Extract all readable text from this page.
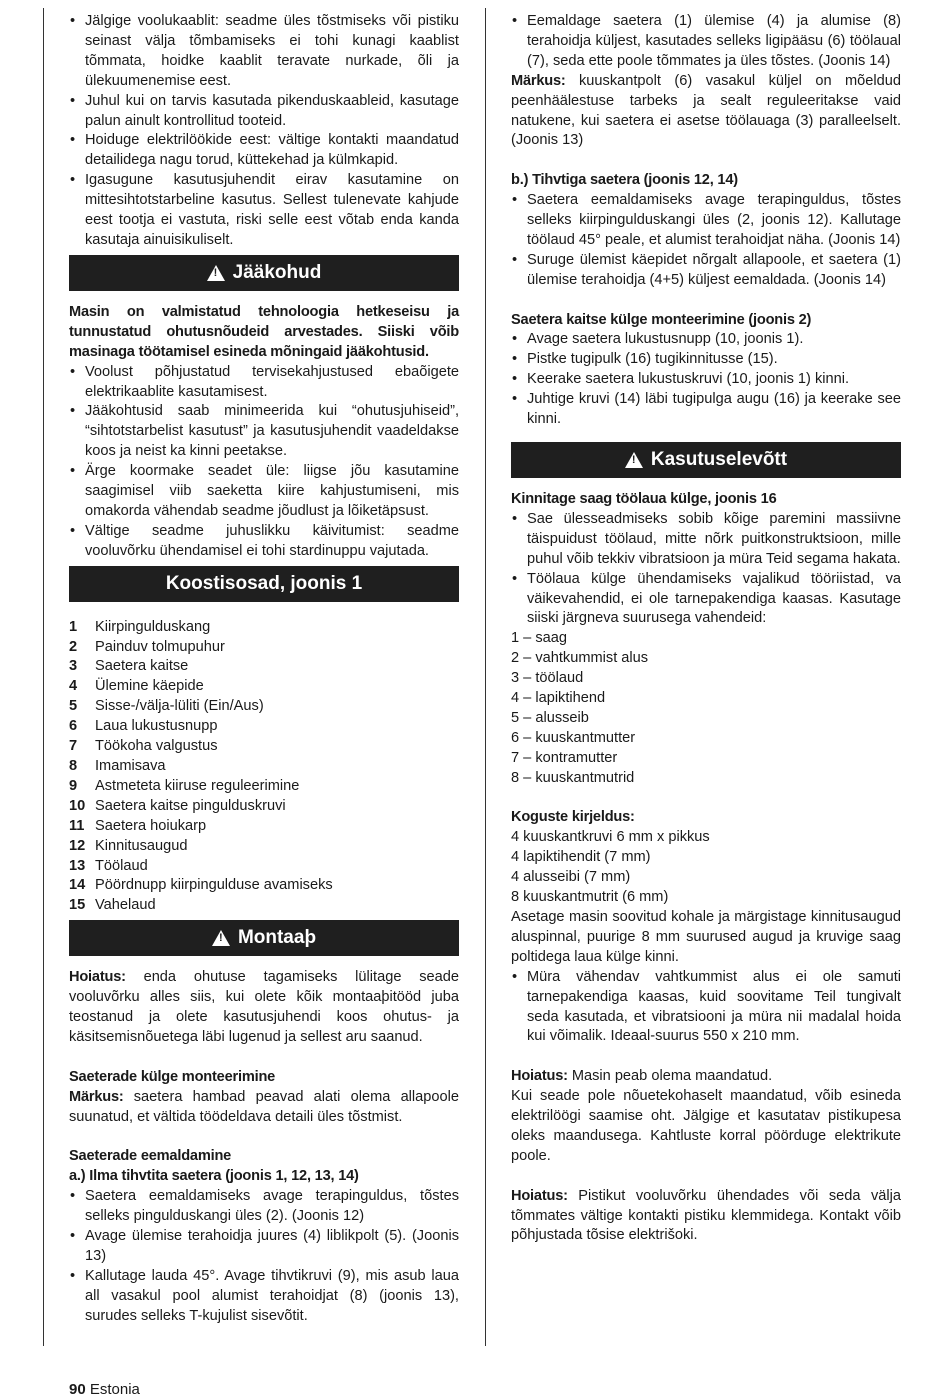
• Jälgige voolukaablit: seadme üles tõstmiseks või pistiku seinast välja tõmbamiseks ei tohi kunagi kaablist tõmmata, hoidke kaablit teravate nurkade, õli ja ülekuumenemise eest.
• Juhul kui on tarvis kasutada pikenduskaableid, kasutage palun ainult kontrollitud tooteid.
• Hoiduge elektrilöökide eest: vältige kontakti maandatud detailidega nagu torud, küttekehad ja külmkapid.
• Igasugune kasutusjuhendit eirav kasutamine on mittesihtotstarbeline kasutus. Sellest tulenevate kahjude eest tootja ei vastuta, riski selle eest võtab enda kanda kasutaja ainuisikuliselt.
!
Jääkohud

Masin on valmistatud tehnoloogia hetkeseisu ja tunnustatud ohutusnõudeid arvestades. Siiski võib masinaga töötamisel esineda mõningaid jääkohtusid.

• Voolust põhjustatud tervisekahjustused ebaõigete elektrikaablite kasutamisest.
• Jääkohtusid saab minimeerida kui “ohutusjuhiseid”, “sihtotstarbelist kasutust” ja kasutusjuhendit vaadeldakse koos ja neist ka kinni peetakse.
• Ärge koormake seadet üle: liigse jõu kasutamine saagimisel viib saeketta kiire kahjustumiseni, mis omakorda vähendab seadme jõudlust ja lõiketäpsust.
• Vältige seadme juhuslikku käivitumist: seadme vooluvõrku ühendamisel ei tohi stardinuppu vajutada.
Koostisosad, joonis 1
1	Kiirpingulduskang
2	Painduv tolmupuhur
3	Saetera kaitse
4	Ülemine käepide
5	Sisse-/välja-lüliti (Ein/Aus)
6	Laua lukustusnupp
7	Töökoha valgustus
8	Imamisava
9	Astmeteta kiiruse reguleerimine
10 Saetera kaitse pingulduskruvi
11 Saetera hoiukarp
12 Kinnitusaugud
13 Töölaud
14 Pöördnupp kiirpingulduse avamiseks
15 Vahelaud
!
Montaaþ

Hoiatus: enda ohutuse tagamiseks lülitage seade vooluvõrku alles siis, kui olete kõik montaaþitööd juba teostanud ja olete kasutusjuhendi koos ohutus- ja käsitsemisnõuetega läbi lugenud ja sellest aru saanud.

Saeterade külge monteerimine

Märkus: saetera hambad peavad alati olema allapoole suunatud, et vältida töödeldava detaili üles tõstmist.

Saeterade eemaldamine

a.) Ilma tihvtita saetera (joonis 1, 12, 13, 14)

• Saetera eemaldamiseks avage terapinguldus, tõstes selleks pingulduskangi üles (2). (Joonis 12)
• Avage ülemise terahoidja juures (4) liblikpolt (5). (Joonis 13)
• Kallutage lauda 45°. Avage tihvtikruvi (9), mis asub laua all vasakul pool alumist terahoidjat (8) (joonis 13), surudes selleks T-kujulist sisevõtit.
• Eemaldage saetera (1) ülemise (4) ja alumise (8) terahoidja küljest, kasutades selleks ligipääsu (6) töölaual (7), seda ette poole tõmmates ja üles tõstes. (Joonis 14)

Märkus: kuuskantpolt (6) vasakul küljel on mõeldud peenhäälestuse tarbeks ja sealt reguleeritakse vaid natukene, kui saetera ei asetse töölauaga (3) paralleelselt. (Joonis 13)

b.) Tihvtiga saetera (joonis 12, 14)

• Saetera eemaldamiseks avage terapinguldus, tõstes selleks kiirpingulduskangi üles (2, joonis 12). Kallutage töölaud 45° peale, et alumist terahoidjat näha. (Joonis 14)
• Suruge ülemist käepidet nõrgalt allapoole, et saetera (1) ülemise terahoidja (4+5) küljest eemaldada. (Joonis 14)

Saetera kaitse külge monteerimine (joonis 2)

• Avage saetera lukustusnupp (10, joonis 1).
• Pistke tugipulk (16) tugikinnitusse (15).
• Keerake saetera lukustuskruvi (10, joonis 1) kinni.
• Juhtige kruvi (14) läbi tugipulga augu (16) ja keerake see kinni.
!
Kasutuselevõtt

Kinnitage saag töölaua külge, joonis 16

• Sae ülesseadmiseks sobib kõige paremini massiivne täispuidust töölaud, mitte nõrk puitkonstruktsioon, mille puhul võib tekkiv vibratsioon ja müra Teid segama hakata.
• Töölaua külge ühendamiseks vajalikud tööriistad, va väikevahendid, ei ole tarnepakendiga kaasas. Kasutage siiski järgneva suurusega vahendeid:
1 – saag
2 – vahtkummist alus
3 – töölaud
4 – lapiktihend
5 – alusseib
6 – kuuskantmutter
7 – kontramutter
8 – kuuskantmutrid

Koguste kirjeldus:

4 kuuskantkruvi 6 mm x pikkus
4 lapiktihendit (7 mm)
4 alusseibi (7 mm)
8 kuuskantmutrit (6 mm)

Asetage masin soovitud kohale ja märgistage kinnitusaugud aluspinnal, puurige 8 mm suurused augud ja kruvige saag poltidega laua külge kinni.

• Müra vähendav vahtkummist alus ei ole samuti tarnepakendiga kaasas, kuid soovitame Teil tungivalt seda kasutada, et vibratsiooni ja müra nii madalal hoida kui võimalik. Ideaal-suurus 550 x 210 mm.

Hoiatus: Masin peab olema maandatud.

Kui seade pole nõuetekohaselt maandatud, võib esineda elektrilöögi saamise oht. Jälgige et kasutatav pistikupesa oleks maandusega. Kahtluste korral pöörduge elektrikute poole.

Hoiatus: Pistikut vooluvõrku ühendades või seda välja tõmmates vältige kontakti pistiku klemmidega. Kontakt võib põhjustada tõsise elektrišoki.

90 Estonia
